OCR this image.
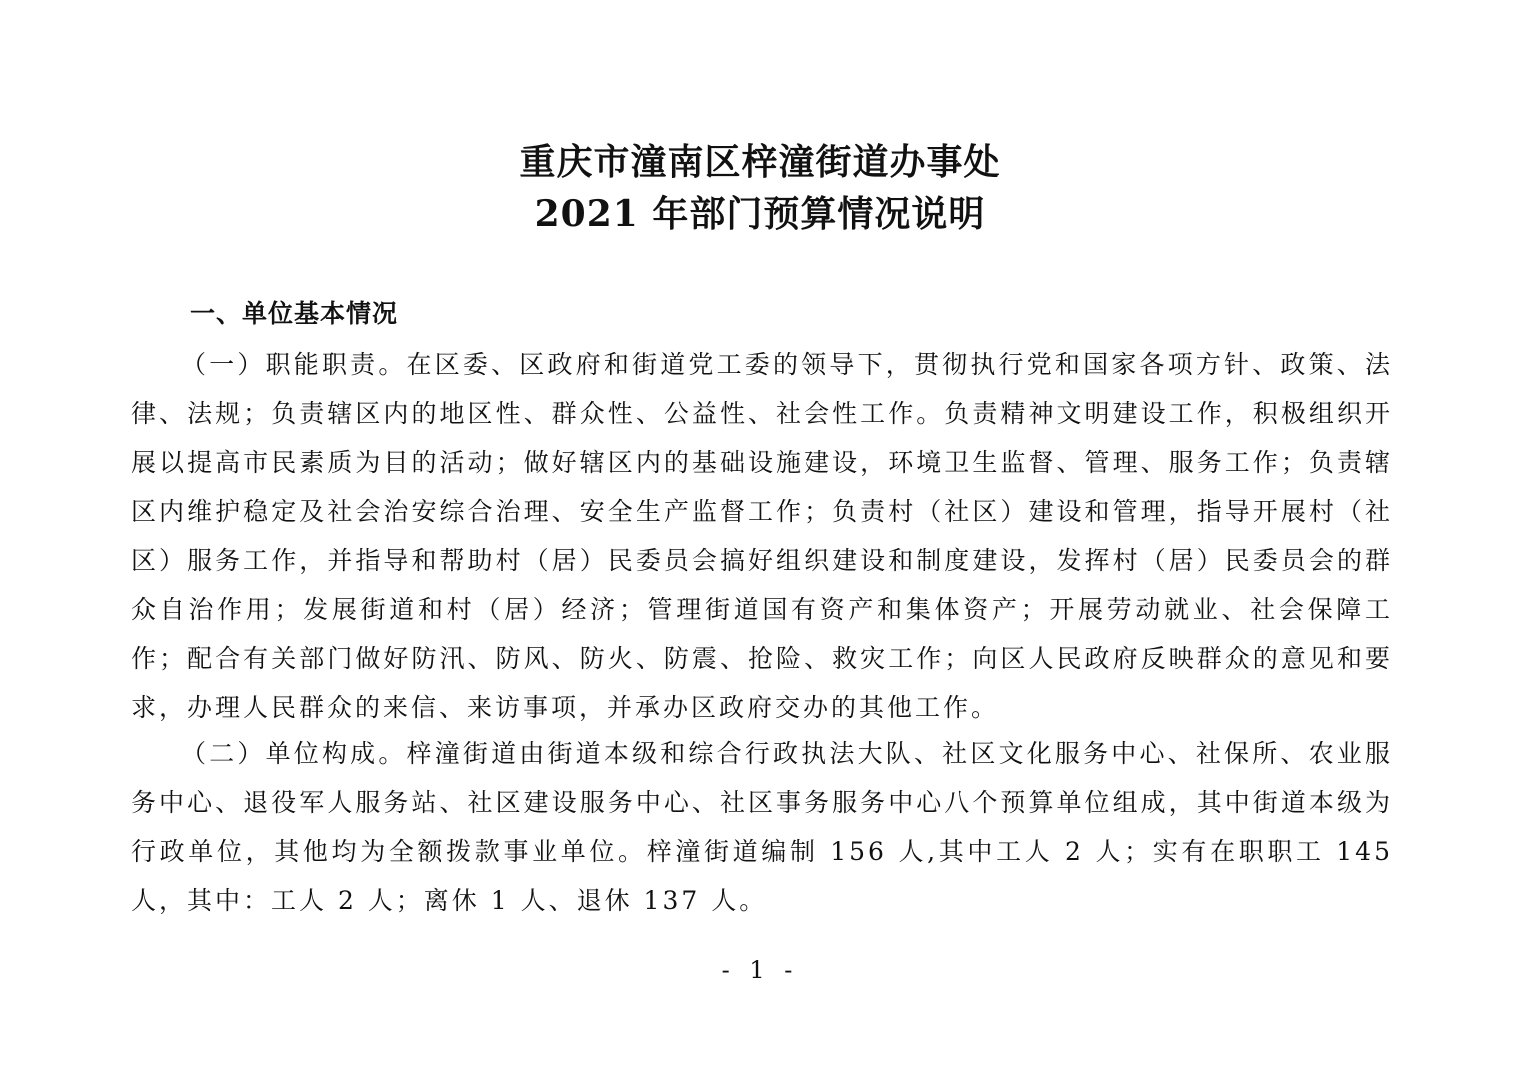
重庆市潼南区梓潼街道办事处
2021 年部门预算情况说明
一、单位基本情况

（一）职能职责。在区委、区政府和街道党工委的领导下，贯彻执行党和国家各项方针、政策、法律、法规；负责辖区内的地区性、群众性、公益性、社会性工作。负责精神文明建设工作，积极组织开展以提高市民素质为目的活动；做好辖区内的基础设施建设，环境卫生监督、管理、服务工作；负责辖区内维护稳定及社会治安综合治理、安全生产监督工作；负责村（社区）建设和管理，指导开展村（社区）服务工作，并指导和帮助村（居）民委员会搞好组织建设和制度建设，发挥村（居）民委员会的群众自治作用；发展街道和村（居）经济；管理街道国有资产和集体资产；开展劳动就业、社会保障工作；配合有关部门做好防汛、防风、防火、防震、抢险、救灾工作；向区人民政府反映群众的意见和要求，办理人民群众的来信、来访事项，并承办区政府交办的其他工作。

（二）单位构成。梓潼街道由街道本级和综合行政执法大队、社区文化服务中心、社保所、农业服务中心、退役军人服务站、社区建设服务中心、社区事务服务中心八个预算单位组成，其中街道本级为行政单位，其他均为全额拨款事业单位。梓潼街道编制 156 人,其中工人 2 人；实有在职职工 145 人，其中：工人 2 人；离休 1 人、退休 137 人。

- 1 -
